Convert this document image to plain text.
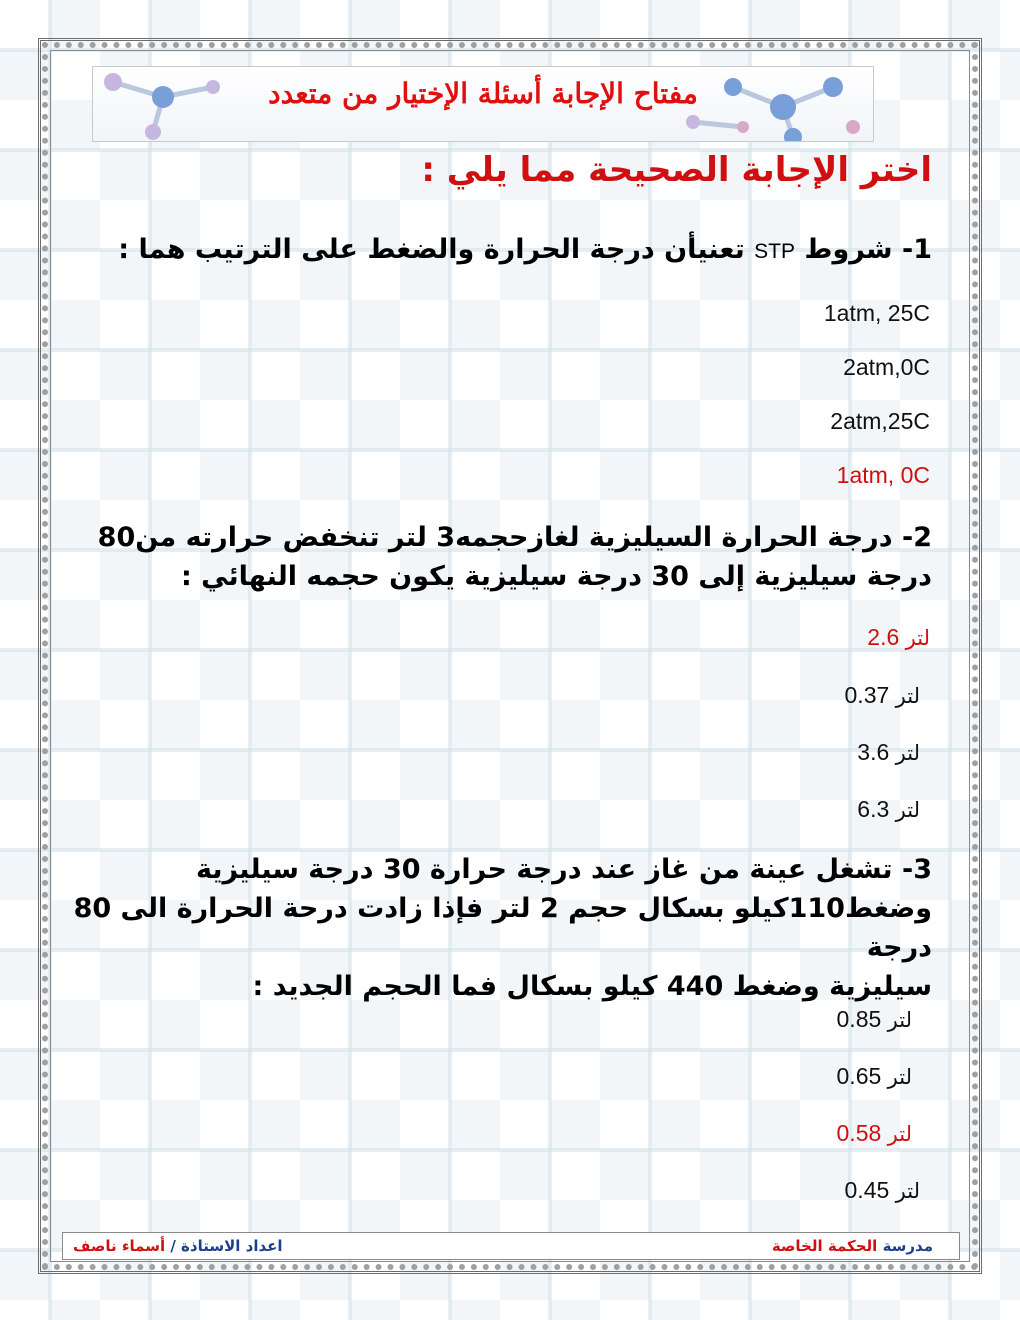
مفتاح الإجابة أسئلة الإختيار من متعدد
اختر الإجابة الصحيحة مما يلي :
1- شروط STP تعنيأن درجة الحرارة والضغط على الترتيب هما :
1atm, 25C
2atm,0C
2atm,25C
1atm, 0C
2- درجة الحرارة السيليزية لغازحجمه3 لتر تنخفض حرارته من80
درجة سيليزية إلى 30 درجة سيليزية يكون حجمه النهائي :
2.6 لتر
0.37 لتر
3.6 لتر
6.3 لتر
3- تشغل عينة من غاز عند درجة حرارة 30 درجة سيليزية
وضغط110كيلو بسكال حجم 2 لتر فإذا زادت درحة الحرارة الى 80 درجة
سيليزية وضغط 440 كيلو بسكال فما الحجم الجديد :
0.85 لتر
0.65 لتر
0.58 لتر
0.45 لتر
مدرسة الحكمة الخاصة
اعداد الاستاذة / أسماء ناصف
